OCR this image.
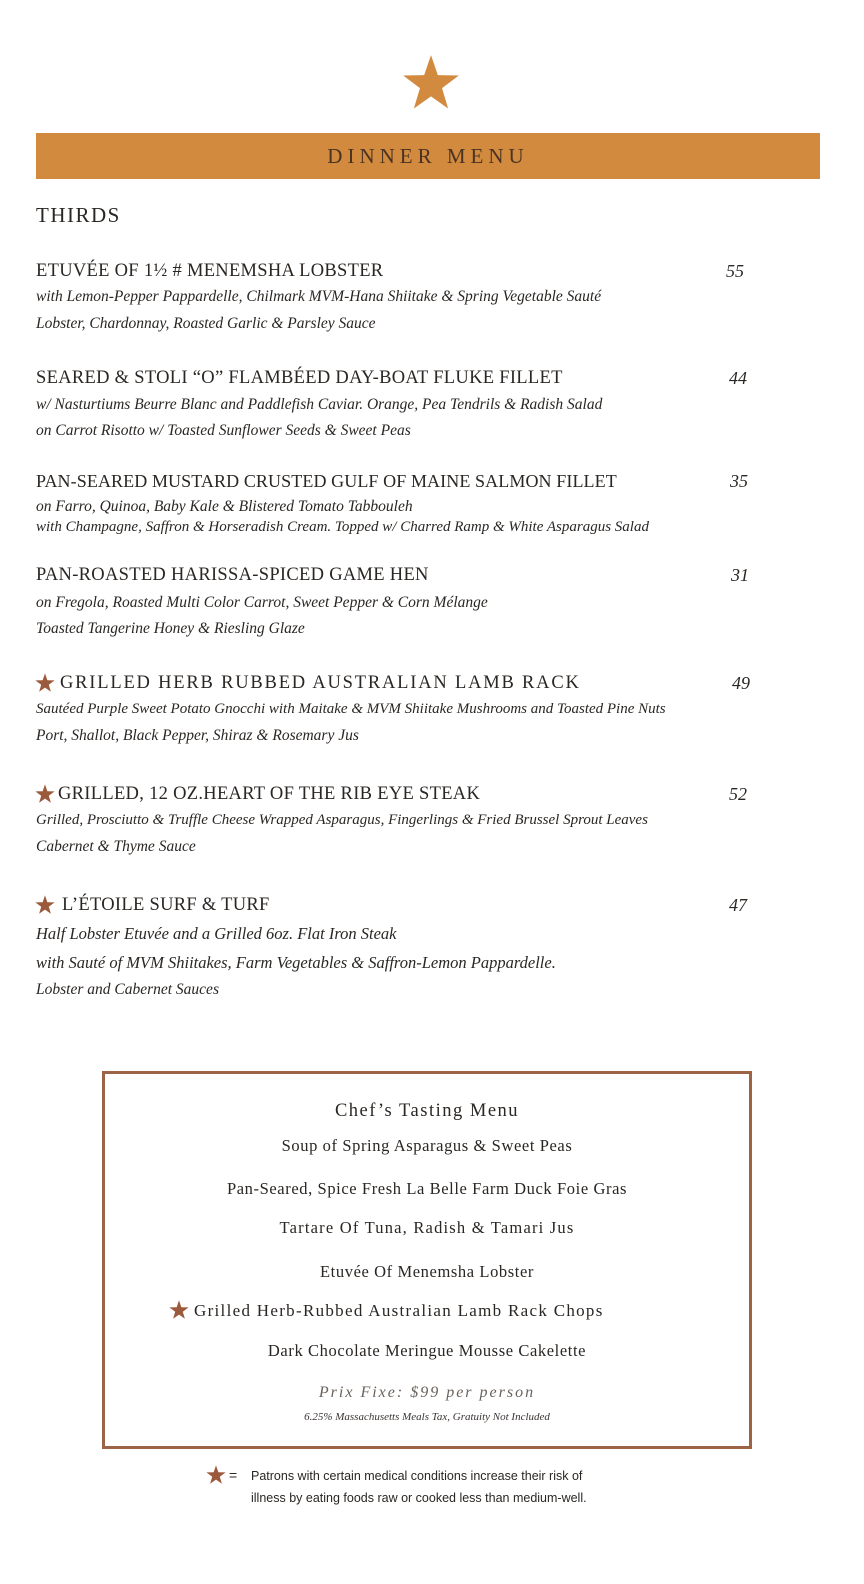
DINNER MENU
THIRDS
ETUVÉE OF 1½ # MENEMSHA LOBSTER	55
with Lemon-Pepper Pappardelle, Chilmark MVM-Hana Shiitake & Spring Vegetable Sauté
Lobster, Chardonnay, Roasted Garlic & Parsley Sauce
SEARED & STOLI “O” FLAMBÉED DAY-BOAT FLUKE FILLET	44
w/ Nasturtiums Beurre Blanc and Paddlefish Caviar. Orange, Pea Tendrils & Radish Salad
on Carrot Risotto w/ Toasted Sunflower Seeds & Sweet Peas
PAN-SEARED MUSTARD CRUSTED GULF OF MAINE SALMON FILLET	35
on Farro, Quinoa, Baby Kale & Blistered Tomato Tabbouleh
with Champagne, Saffron & Horseradish Cream. Topped w/ Charred Ramp & White Asparagus Salad
PAN-ROASTED HARISSA-SPICED GAME HEN	31
on Fregola, Roasted Multi Color Carrot, Sweet Pepper & Corn Mélange
Toasted Tangerine Honey & Riesling Glaze
GRILLED HERB RUBBED AUSTRALIAN LAMB RACK	49
Sautéed Purple Sweet Potato Gnocchi with Maitake & MVM Shiitake Mushrooms and Toasted Pine Nuts
Port, Shallot, Black Pepper, Shiraz & Rosemary Jus
GRILLED, 12 OZ.HEART OF THE RIB EYE STEAK	52
Grilled, Prosciutto & Truffle Cheese Wrapped Asparagus, Fingerlings & Fried Brussel Sprout Leaves
Cabernet & Thyme Sauce
L’ÉTOILE SURF & TURF	47
Half Lobster Etuvée and a Grilled 6oz. Flat Iron Steak
with Sauté of MVM Shiitakes, Farm Vegetables & Saffron-Lemon Pappardelle.
Lobster and Cabernet Sauces
Chef’s Tasting Menu
Soup of Spring Asparagus & Sweet Peas
Pan-Seared, Spice Fresh La Belle Farm Duck Foie Gras
Tartare Of Tuna, Radish & Tamari Jus
Etuvée Of Menemsha Lobster
Grilled Herb-Rubbed Australian Lamb Rack Chops
Dark Chocolate Meringue Mousse Cakelette
Prix Fixe: $99 per person
6.25% Massachusetts Meals Tax, Gratuity Not Included
= Patrons with certain medical conditions increase their risk of
illness by eating foods raw or cooked less than medium-well.
